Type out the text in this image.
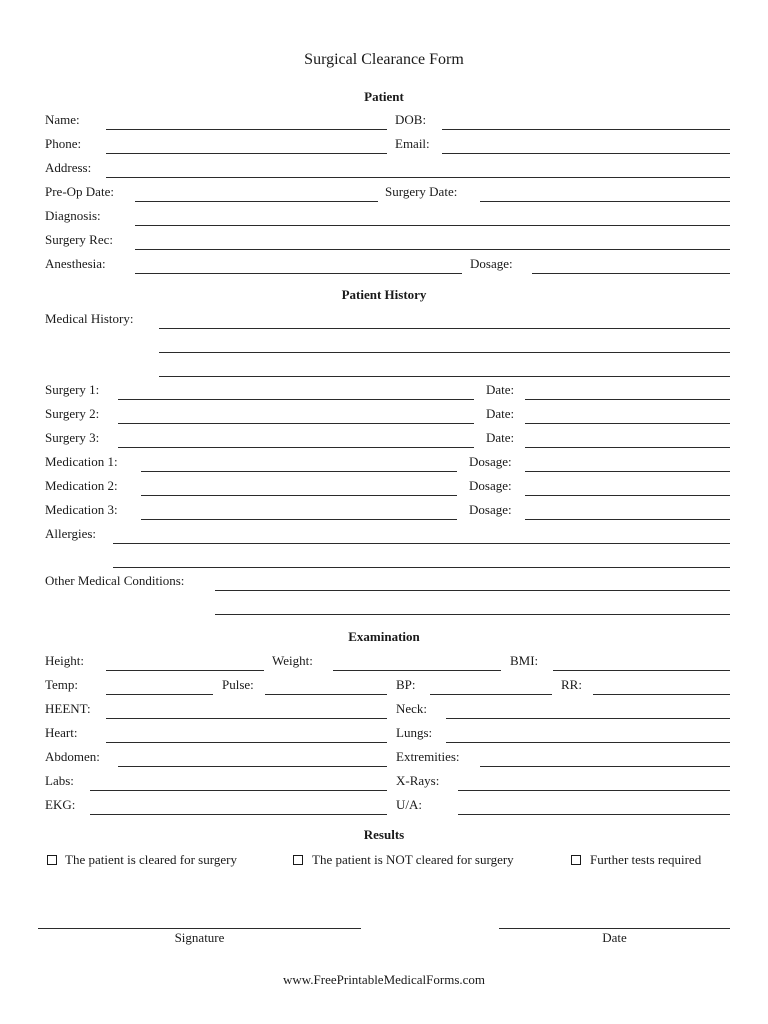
Surgical Clearance Form
Patient
Name:	DOB:
Phone:	Email:
Address:
Pre-Op Date:	Surgery Date:
Diagnosis:
Surgery Rec:
Anesthesia:	Dosage:
Patient History
Medical History:
Surgery 1:	Date:
Surgery 2:	Date:
Surgery 3:	Date:
Medication 1:	Dosage:
Medication 2:	Dosage:
Medication 3:	Dosage:
Allergies:
Other Medical Conditions:
Examination
Height:	Weight:	BMI:
Temp:	Pulse:	BP:	RR:
HEENT:	Neck:
Heart:	Lungs:
Abdomen:	Extremities:
Labs:	X-Rays:
EKG:	U/A:
Results
The patient is cleared for surgery	The patient is NOT cleared for surgery	Further tests required
Signature	Date
www.FreePrintableMedicalForms.com
